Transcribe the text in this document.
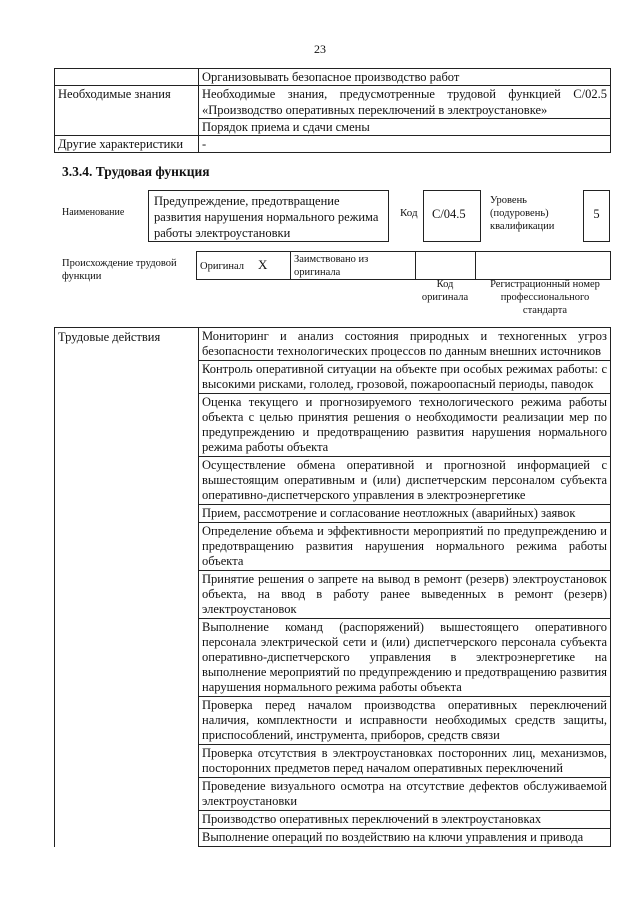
23
	Организовывать безопасное производство работ
Необходимые знания	Необходимые знания, предусмотренные трудовой функцией С/02.5 «Производство оперативных переключений в электроустановке»
	Порядок приема и сдачи смены
Другие характеристики	-
3.3.4. Трудовая функция
Наименование
Предупреждение, предотвращение развития нарушения нормального режима работы электроустановки
Код	С/04.5
Уровень (подуровень) квалификации
5
Происхождение трудовой функции
Оригинал X	Заимствовано из оригинала		
Код оригинала
Регистрационный номер профессионального стандарта
Трудовые действия	Мониторинг и анализ состояния природных и техногенных угроз безопасности технологических процессов по данным внешних источников
Контроль оперативной ситуации на объекте при особых режимах работы: с высокими рисками, гололед, грозовой, пожароопасный периоды, паводок
Оценка текущего и прогнозируемого технологического режима работы объекта с целью принятия решения о необходимости реализации мер по предупреждению и предотвращению развития нарушения нормального режима работы объекта
Осуществление обмена оперативной и прогнозной информацией с вышестоящим оперативным и (или) диспетчерским персоналом субъекта оперативно-диспетчерского управления в электроэнергетике
Прием, рассмотрение и согласование неотложных (аварийных) заявок
Определение объема и эффективности мероприятий по предупреждению и предотвращению развития нарушения нормального режима работы объекта
Принятие решения о запрете на вывод в ремонт (резерв) электроустановок объекта, на ввод в работу ранее выведенных в ремонт (резерв) электроустановок
Выполнение команд (распоряжений) вышестоящего оперативного персонала электрической сети и (или) диспетчерского персонала субъекта оперативно-диспетчерского управления в электроэнергетике на выполнение мероприятий по предупреждению и предотвращению развития нарушения нормального режима работы объекта
Проверка перед началом производства оперативных переключений наличия, комплектности и исправности необходимых средств защиты, приспособлений, инструмента, приборов, средств связи
Проверка отсутствия в электроустановках посторонних лиц, механизмов, посторонних предметов перед началом оперативных переключений
Проведение визуального осмотра на отсутствие дефектов обслуживаемой электроустановки
Производство оперативных переключений в электроустановках
Выполнение операций по воздействию на ключи управления и привода
